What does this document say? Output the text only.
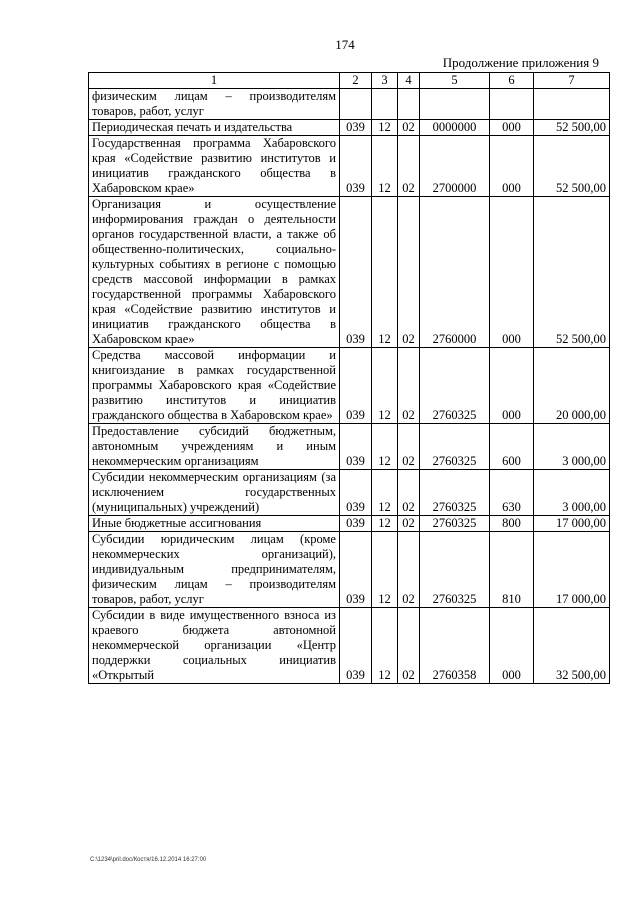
174
Продолжение приложения 9
1	2	3	4	5	6	7
физическим лицам – производителям товаров, работ, услуг						
Периодическая печать и издательства	039	12	02	0000000	000	52 500,00
Государственная программа Хабаровского края «Содействие развитию институтов и инициатив гражданского общества в Хабаровском крае»	039	12	02	2700000	000	52 500,00
Организация и осуществление информирования граждан о деятельности органов государственной власти, а также об общественно-политических, социально-культурных событиях в регионе с помощью средств массовой информации в рамках государственной программы Хабаровского края «Содействие развитию институтов и инициатив гражданского общества в Хабаровском крае»	039	12	02	2760000	000	52 500,00
Средства массовой информации и книгоиздание в рамках государственной программы Хабаровского края «Содействие развитию институтов и инициатив гражданского общества в Хабаровском крае»	039	12	02	2760325	000	20 000,00
Предоставление субсидий бюджетным, автономным учреждениям и иным некоммерческим организациям	039	12	02	2760325	600	3 000,00
Субсидии некоммерческим организациям (за исключением государственных (муниципальных) учреждений)	039	12	02	2760325	630	3 000,00
Иные бюджетные ассигнования	039	12	02	2760325	800	17 000,00
Субсидии юридическим лицам (кроме некоммерческих организаций), индивидуальным предпринимателям, физическим лицам – производителям товаров, работ, услуг	039	12	02	2760325	810	17 000,00
Субсидии в виде имущественного взноса из краевого бюджета автономной некоммерческой организации «Центр поддержки социальных инициатив «Открытый	039	12	02	2760358	000	32 500,00
C:\1234\pril.doc/Костя/16.12.2014 16:27:00
